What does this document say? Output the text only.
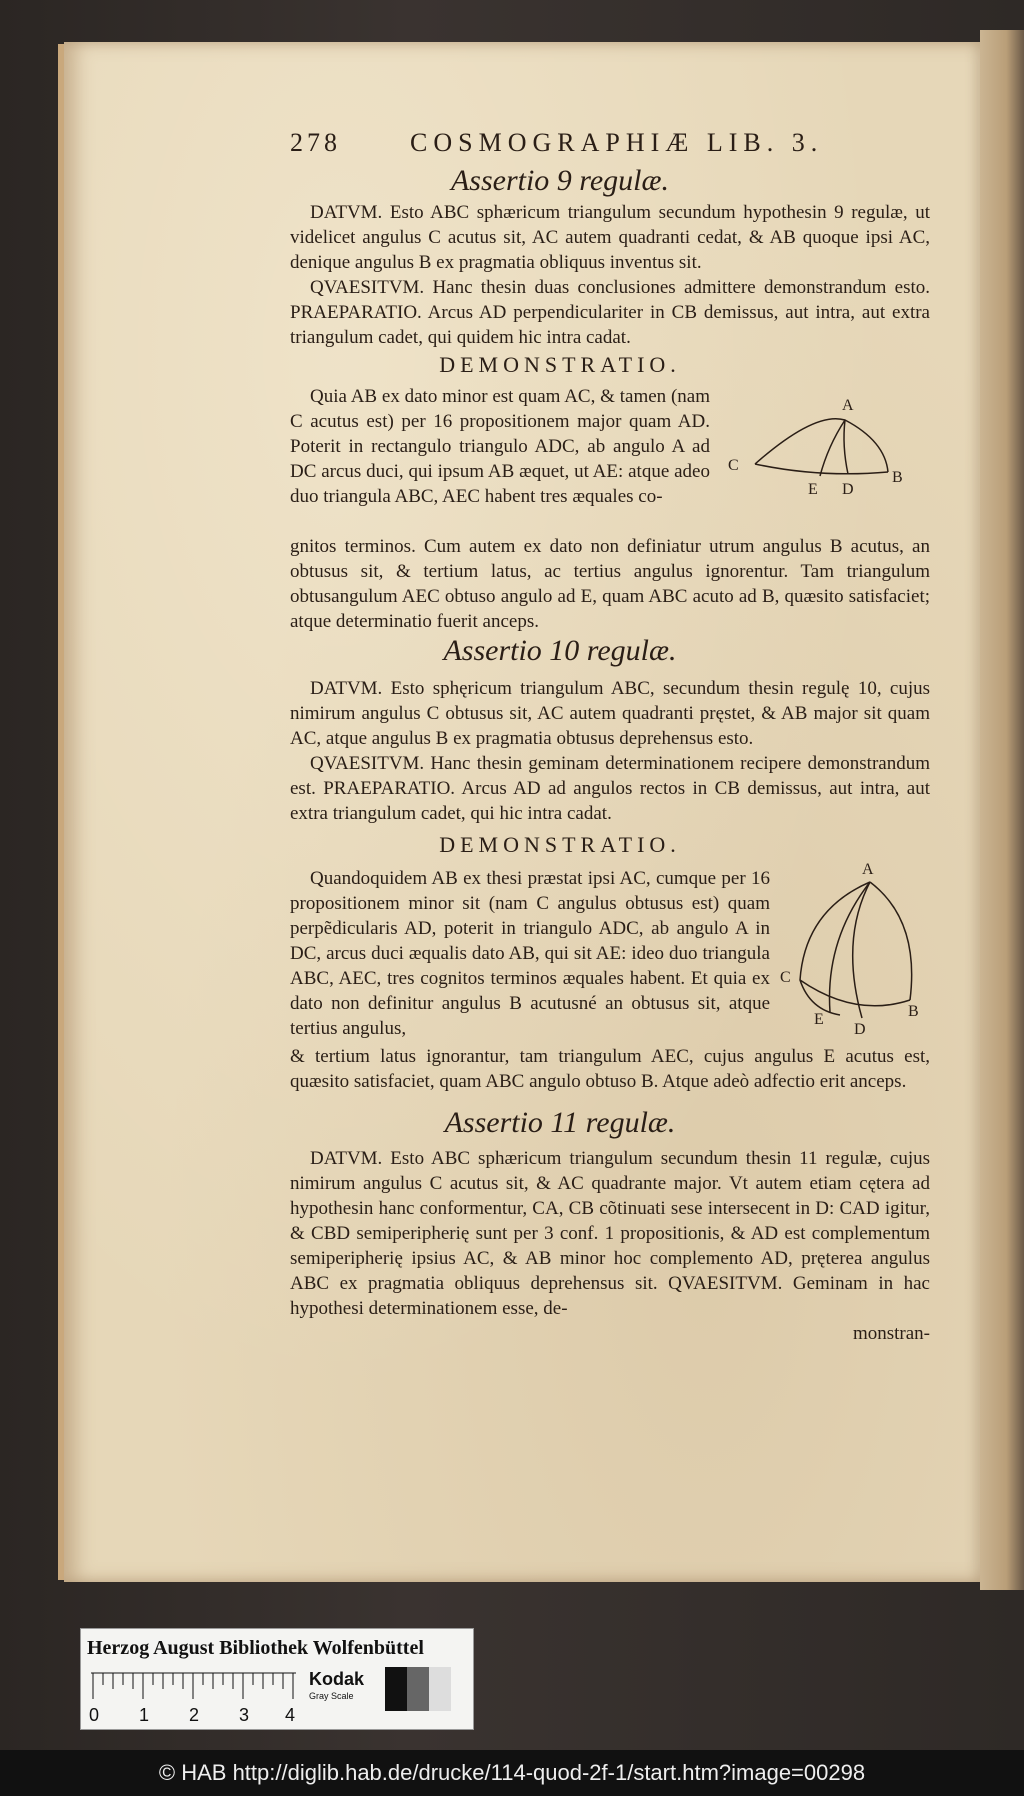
278	COSMOGRAPHIÆ LIB. 3.
Assertio 9 regulæ.

DATVM. Esto ABC sphæricum triangulum secundum hypothesin 9 regulæ, ut videlicet angulus C acutus sit, AC autem quadranti cedat, & AB quoque ipsi AC, denique angulus B ex pragmatia obliquus inventus sit.

QVAESITVM. Hanc thesin duas conclusiones admittere demonstrandum esto. PRAEPARATIO. Arcus AD perpendiculariter in CB demissus, aut intra, aut extra triangulum cadet, qui quidem hic intra cadat.

DEMONSTRATIO.

Quia AB ex dato minor est quam AC, & tamen (nam C acutus est) per 16 propositionem major quam AD. Poterit in rectangulo triangulo ADC, ab angulo A ad DC arcus duci, qui ipsum AB æquet, ut AE: atque adeo duo triangula ABC, AEC habent tres æquales co-

gnitos terminos. Cum autem ex dato non definiatur utrum angulus B acutus, an obtusus sit, & tertium latus, ac tertius angulus ignorentur. Tam triangulum obtusangulum AEC obtuso angulo ad E, quam ABC acuto ad B, quæsito satisfaciet; atque determinatio fuerit anceps.

A
C
B
E D
Assertio 10 regulæ.

DATVM. Esto sphęricum triangulum ABC, secundum thesin regulę 10, cujus nimirum angulus C obtusus sit, AC autem quadranti pręstet, & AB major sit quam AC, atque angulus B ex pragmatia obtusus deprehensus esto.

QVAESITVM. Hanc thesin geminam determinationem recipere demonstrandum est. PRAEPARATIO. Arcus AD ad angulos rectos in CB demissus, aut intra, aut extra triangulum cadet, qui hic intra cadat.

DEMONSTRATIO.

Quandoquidem AB ex thesi præstat ipsi AC, cumque per 16 propositionem minor sit (nam C angulus obtusus est) quam perpẽdicularis AD, poterit in triangulo ADC, ab angulo A in DC, arcus duci æqualis dato AB, qui sit AE: ideo duo triangula ABC, AEC, tres cognitos terminos æquales habent. Et quia ex dato non definitur angulus B acutusné an obtusus sit, atque tertius angulus,

& tertium latus ignorantur, tam triangulum AEC, cujus angulus E acutus est, quæsito satisfaciet, quam ABC angulo obtuso B. Atque adeò adfectio erit anceps.

A
C
B
E
D
Assertio 11 regulæ.

DATVM. Esto ABC sphæricum triangulum secundum thesin 11 regulæ, cujus nimirum angulus C acutus sit, & AC quadrante major. Vt autem etiam cętera ad hypothesin hanc conformentur, CA, CB cõtinuati sese intersecent in D: CAD igitur, & CBD semiperipherię sunt per 3 conf. 1 propositionis, & AD est complementum semiperipherię ipsius AC, & AB minor hoc complemento AD, pręterea angulus ABC ex pragmatia obliquus deprehensus sit. QVAESITVM. Geminam in hac hypothesi determinationem esse, de-

monstran-

Herzog August Bibliothek Wolfenbüttel
0 1 2 3 4
Kodak
Gray Scale
© HAB http://diglib.hab.de/drucke/114-quod-2f-1/start.htm?image=00298
